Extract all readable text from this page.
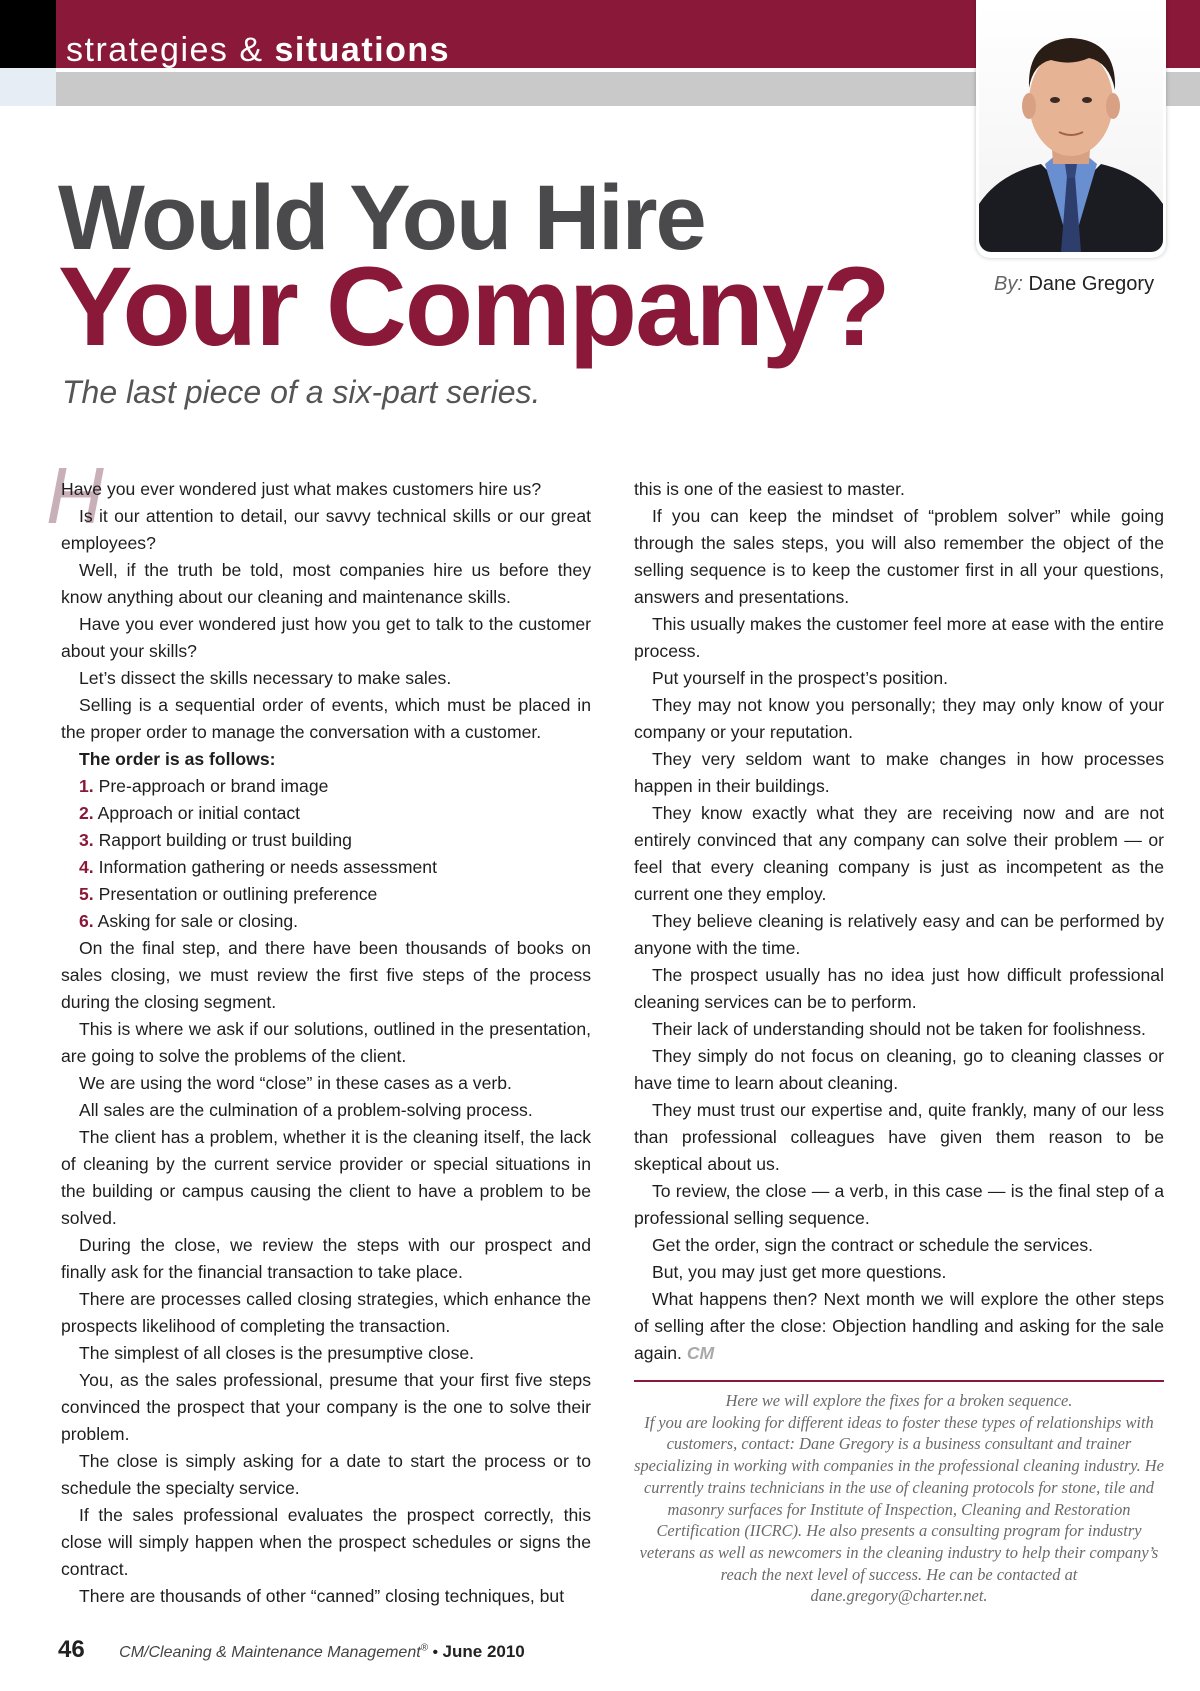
strategies & situations
By: Dane Gregory
Would You Hire
Your Company?
The last piece of a six-part series.
H

Have you ever wondered just what makes customers hire us?

Is it our attention to detail, our savvy technical skills or our great employees?

Well, if the truth be told, most companies hire us before they know anything about our cleaning and maintenance skills.

Have you ever wondered just how you get to talk to the customer about your skills?

Let’s dissect the skills necessary to make sales.

Selling is a sequential order of events, which must be placed in the proper order to manage the conversation with a customer.

The order is as follows:

1. Pre-approach or brand image
2. Approach or initial contact
3. Rapport building or trust building
4. Information gathering or needs assessment
5. Presentation or outlining preference
6. Asking for sale or closing.

On the final step, and there have been thousands of books on sales closing, we must review the first five steps of the process during the closing segment.

This is where we ask if our solutions, outlined in the presentation, are going to solve the problems of the client.

We are using the word “close” in these cases as a verb.

All sales are the culmination of a problem-solving process.

The client has a problem, whether it is the cleaning itself, the lack of cleaning by the current service provider or special situations in the building or campus causing the client to have a problem to be solved.

During the close, we review the steps with our prospect and finally ask for the financial transaction to take place.

There are processes called closing strategies, which enhance the prospects likelihood of completing the transaction.

The simplest of all closes is the presumptive close.

You, as the sales professional, presume that your first five steps convinced the prospect that your company is the one to solve their problem.

The close is simply asking for a date to start the process or to schedule the specialty service.

If the sales professional evaluates the prospect correctly, this close will simply happen when the prospect schedules or signs the contract.

There are thousands of other “canned” closing techniques, but

this is one of the easiest to master.

If you can keep the mindset of “problem solver” while going through the sales steps, you will also remember the object of the selling sequence is to keep the customer first in all your questions, answers and presentations.

This usually makes the customer feel more at ease with the entire process.

Put yourself in the prospect’s position.

They may not know you personally; they may only know of your company or your reputation.

They very seldom want to make changes in how processes happen in their buildings.

They know exactly what they are receiving now and are not entirely convinced that any company can solve their problem — or feel that every cleaning company is just as incompetent as the current one they employ.

They believe cleaning is relatively easy and can be performed by anyone with the time.

The prospect usually has no idea just how difficult professional cleaning services can be to perform.

Their lack of understanding should not be taken for foolishness.

They simply do not focus on cleaning, go to cleaning classes or have time to learn about cleaning.

They must trust our expertise and, quite frankly, many of our less than professional colleagues have given them reason to be skeptical about us.

To review, the close — a verb, in this case — is the final step of a professional selling sequence.

Get the order, sign the contract or schedule the services.

But, you may just get more questions.

What happens then? Next month we will explore the other steps of selling after the close: Objection handling and asking for the sale again. CM

Here we will explore the fixes for a broken sequence.

If you are looking for different ideas to foster these types of relationships with customers, contact: Dane Gregory is a business consultant and trainer specializing in working with companies in the professional cleaning industry. He currently trains technicians in the use of cleaning protocols for stone, tile and masonry surfaces for Institute of Inspection, Cleaning and Restoration Certification (IICRC). He also presents a consulting program for industry veterans as well as newcomers in the cleaning industry to help their company’s reach the next level of success. He can be contacted at dane.gregory@charter.net.

46 CM/Cleaning & Maintenance Management® • June 2010
